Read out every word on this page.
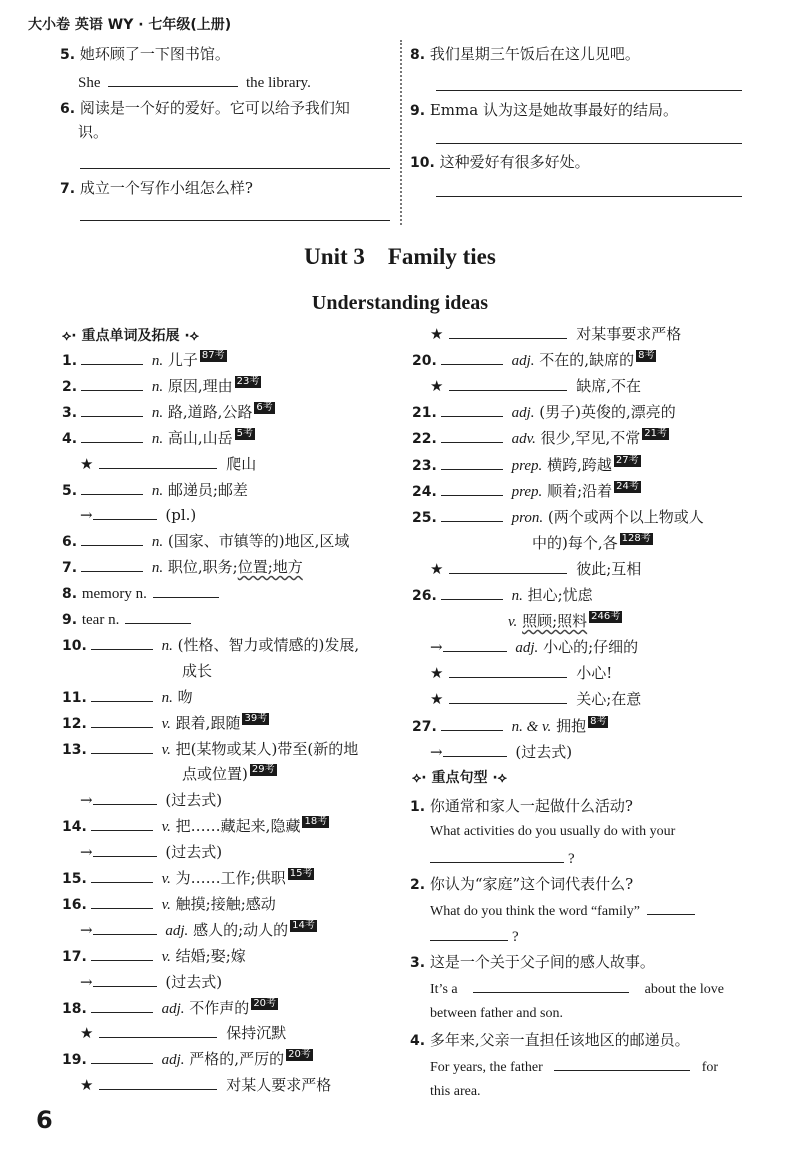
大小卷 英语 WY · 七年级(上册)
5. 她环顾了一下图书馆。
She	the library.
6. 阅读是一个好的爱好。它可以给予我们知
识。
7. 成立一个写作小组怎么样?
8. 我们星期三午饭后在这儿见吧。
9. Emma 认为这是她故事最好的结局。
10. 这种爱好有很多好处。
Unit 3    Family ties
Understanding ideas
⟡· 重点单词及拓展 ·⟡
1.	n. 儿子 87考
2.	n. 原因,理由 23考
3.	n. 路,道路,公路 6考
4.	n. 高山,山岳 5考
★	爬山
5.	n. 邮递员;邮差
→	(pl.)
6.	n. (国家、市镇等的)地区,区域
7.	n. 职位,职务;位置;地方
8. memory n.
9. tear n.
10.	n. (性格、智力或情感的)发展,
成长
11.	n. 吻
12.	v. 跟着,跟随 39考
13.	v. 把(某物或某人)带至(新的地
点或位置) 29考
→	(过去式)
14.	v. 把……藏起来,隐藏 18考
→	(过去式)
15.	v. 为……工作;供职 15考
16.	v. 触摸;接触;感动
→	adj. 感人的;动人的 14考
17.	v. 结婚;娶;嫁
→	(过去式)
18.	adj. 不作声的 20考
★	保持沉默
19.	adj. 严格的,严厉的 20考
★	对某人要求严格
★	对某事要求严格
20.	adj. 不在的,缺席的 8考
★	缺席,不在
21.	adj. (男子)英俊的,漂亮的
22.	adv. 很少,罕见,不常 21考
23.	prep. 横跨,跨越 27考
24.	prep. 顺着;沿着 24考
25.	pron. (两个或两个以上物或人
中的)每个,各 128考
★	彼此;互相
26.	n. 担心;忧虑
v. 照顾;照料 246考
→	adj. 小心的;仔细的
★	小心!
★	关心;在意
27.	n. & v. 拥抱 8考
→	(过去式)
⟡· 重点句型 ·⟡
1. 你通常和家人一起做什么活动?
What activities do you usually do with your
?
2. 你认为“家庭”这个词代表什么?
What do you think the word “family”
?
3. 这是一个关于父子间的感人故事。
It’s a	about the love
between father and son.
4. 多年来,父亲一直担任该地区的邮递员。
For years, the father	for
this area.
6
